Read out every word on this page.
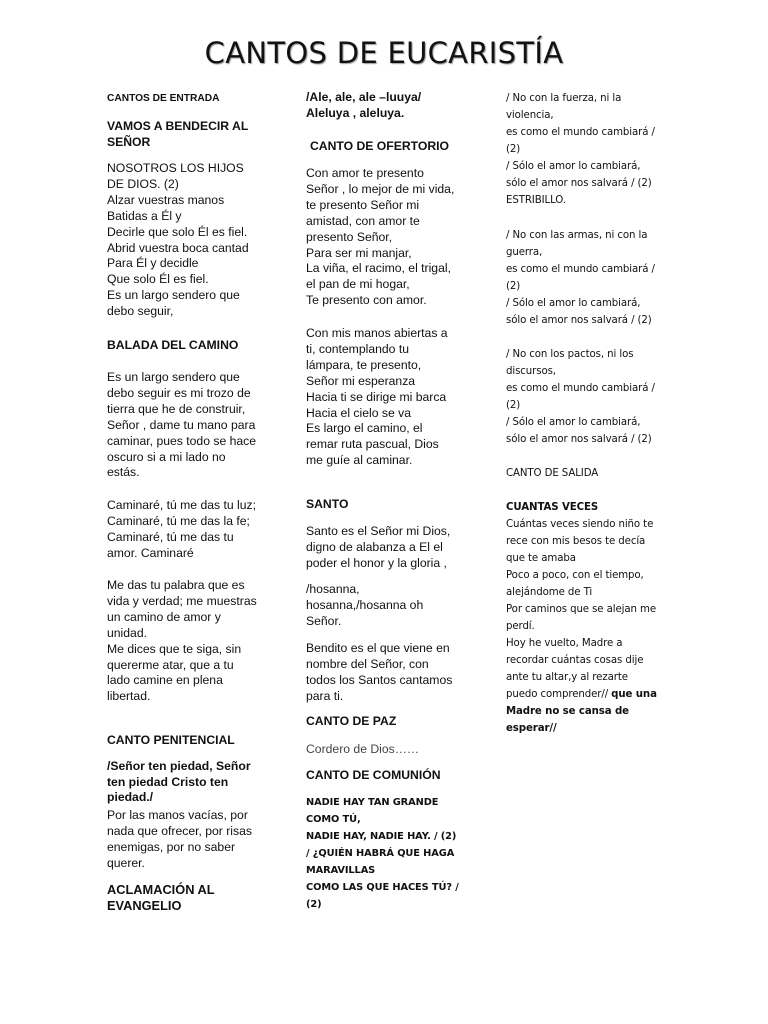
CANTOS DE EUCARISTÍA
CANTOS DE ENTRADA
VAMOS A BENDECIR AL
SEÑOR
NOSOTROS LOS HIJOS
DE DIOS. (2)
Alzar vuestras manos
Batidas a Él y
Decirle que solo Él es fiel.
Abrid vuestra boca cantad
Para Él y decidle
Que solo Él es fiel.
Es un largo sendero que
debo seguir,
BALADA DEL CAMINO
Es un largo sendero que
debo seguir es mi trozo de
tierra que he de construir,
Señor , dame tu mano para
caminar, pues todo se hace
oscuro si a mi lado no
estás.
Caminaré, tú me das tu luz;
Caminaré, tú me das la fe;
Caminaré, tú me das tu
amor. Caminaré
Me das tu palabra que es
vida y verdad; me muestras
un camino de amor y
unidad.
Me dices que te siga, sin
quererme atar, que a tu
lado camine en plena
libertad.
CANTO PENITENCIAL
/Señor ten piedad, Señor
ten piedad Cristo ten
piedad./
Por las manos vacías, por
nada que ofrecer, por risas
enemigas, por no saber
querer.
ACLAMACIÓN AL
EVANGELIO
/Ale, ale, ale –luuya/
Aleluya , aleluya.
CANTO DE OFERTORIO
Con amor te presento
Señor , lo mejor de mi vida,
te presento Señor mi
amistad, con amor te
presento Señor,
Para ser mi manjar,
La viña, el racimo, el trigal,
el pan de mi hogar,
Te presento con amor.
Con mis manos abiertas a
ti, contemplando tu
lámpara, te presento,
Señor mi esperanza
Hacia ti se dirige mi barca
Hacia el cielo se va
Es largo el camino, el
remar ruta pascual, Dios
me guíe al caminar.
SANTO
Santo es el Señor mi Dios,
digno de alabanza a El el
poder el honor y la gloria ,
/hosanna,
hosanna,/hosanna oh
Señor.
Bendito es el que viene en
nombre del Señor, con
todos los Santos cantamos
para ti.
CANTO DE PAZ
Cordero de Dios……
CANTO DE COMUNIÓN
NADIE HAY TAN GRANDE
COMO TÚ,
NADIE HAY, NADIE HAY. / (2)
/ ¿QUIÉN HABRÁ QUE HAGA
MARAVILLAS
COMO LAS QUE HACES TÚ? /
(2)
/ No con la fuerza, ni la
violencia,
es como el mundo cambiará /
(2)
/ Sólo el amor lo cambiará,
sólo el amor nos salvará / (2)
ESTRIBILLO.
/ No con las armas, ni con la
guerra,
es como el mundo cambiará /
(2)
/ Sólo el amor lo cambiará,
sólo el amor nos salvará / (2)
/ No con los pactos, ni los
discursos,
es como el mundo cambiará /
(2)
/ Sólo el amor lo cambiará,
sólo el amor nos salvará / (2)
CANTO DE SALIDA
CUANTAS VECES
Cuántas veces siendo niño te
rece con mis besos te decía
que te amaba
Poco a poco, con el tiempo,
alejándome de Ti
Por caminos que se alejan me
perdí.
Hoy he vuelto, Madre a
recordar cuántas cosas dije
ante tu altar,y al rezarte
puedo comprender// que una
Madre no se cansa de
esperar//
